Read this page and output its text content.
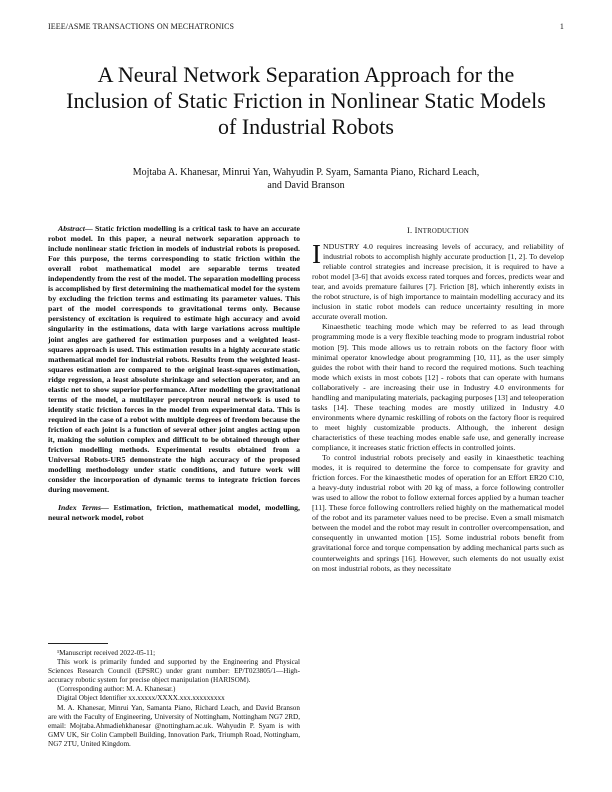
IEEE/ASME TRANSACTIONS ON MECHATRONICS	1
A Neural Network Separation Approach for the Inclusion of Static Friction in Nonlinear Static Models of Industrial Robots
Mojtaba A. Khanesar, Minrui Yan, Wahyudin P. Syam, Samanta Piano, Richard Leach,
and David Branson

Abstract— Static friction modelling is a critical task to have an accurate robot model. In this paper, a neural network separation approach to include nonlinear static friction in models of industrial robots is proposed. For this purpose, the terms corresponding to static friction within the overall robot mathematical model are separable terms treated independently from the rest of the model. The separation modelling process is accomplished by first determining the mathematical model for the system by excluding the friction terms and estimating its parameter values. This part of the model corresponds to gravitational terms only. Because persistency of excitation is required to estimate high accuracy and avoid singularity in the estimations, data with large variations across multiple joint angles are gathered for estimation purposes and a weighted least-squares approach is used. This estimation results in a highly accurate static mathematical model for industrial robots. Results from the weighted least-squares estimation are compared to the original least-squares estimation, ridge regression, a least absolute shrinkage and selection operator, and an elastic net to show superior performance. After modelling the gravitational terms of the model, a multilayer perceptron neural network is used to identify static friction forces in the model from experimental data. This is required in the case of a robot with multiple degrees of freedom because the friction of each joint is a function of several other joint angles acting upon it, making the solution complex and difficult to be obtained through other friction modelling methods. Experimental results obtained from a Universal Robots-UR5 demonstrate the high accuracy of the proposed modelling methodology under static conditions, and future work will consider the incorporation of dynamic terms to integrate friction forces during movement.

Index Terms— Estimation, friction, mathematical model, modelling, neural network model, robot

¹Manuscript received 2022-05-11;

This work is primarily funded and supported by the Engineering and Physical Sciences Research Council (EPSRC) under grant number: EP/T023805/1—High-accuracy robotic system for precise object manipulation (HARISOM).

(Corresponding author: M. A. Khanesar.)

Digital Object Identifier xx.xxxxx/XXXX.xxx.xxxxxxxxx

M. A. Khanesar, Minrui Yan, Samanta Piano, Richard Leach, and David Branson are with the Faculty of Engineering, University of Nottingham, Nottingham NG7 2RD, email: Mojtaba.Ahmadiehkhanesar @nottingham.ac.uk. Wahyudin P. Syam is with GMV UK, Sir Colin Campbell Building, Innovation Park, Triumph Road, Nottingham, NG7 2TU, United Kingdom.

I. INTRODUCTION

INDUSTRY 4.0 requires increasing levels of accuracy, and reliability of industrial robots to accomplish highly accurate production [1, 2]. To develop reliable control strategies and increase precision, it is required to have a robot model [3-6] that avoids excess rated torques and forces, predicts wear and tear, and avoids premature failures [7]. Friction [8], which inherently exists in the robot structure, is of high importance to maintain modelling accuracy and its inclusion in static robot models can reduce uncertainty resulting in more accurate overall motion.

Kinaesthetic teaching mode which may be referred to as lead through programming mode is a very flexible teaching mode to program industrial robot motion [9]. This mode allows us to retrain robots on the factory floor with minimal operator knowledge about programming [10, 11], as the user simply guides the robot with their hand to record the required motions. Such teaching mode which exists in most cobots [12] - robots that can operate with humans collaboratively - are increasing their use in Industry 4.0 environments for handling and manipulating materials, packaging purposes [13] and teleoperation tasks [14]. These teaching modes are mostly utilized in Industry 4.0 environments where dynamic reskilling of robots on the factory floor is required to meet highly customizable products. Although, the inherent design characteristics of these teaching modes enable safe use, and generally increase compliance, it increases static friction effects in controlled joints.

To control industrial robots precisely and easily in kinaesthetic teaching modes, it is required to determine the force to compensate for gravity and friction forces. For the kinaesthetic modes of operation for an Effort ER20 C10, a heavy-duty industrial robot with 20 kg of mass, a force following controller was used to allow the robot to follow external forces applied by a human teacher [11]. These force following controllers relied highly on the mathematical model of the robot and its parameter values need to be precise. Even a small mismatch between the model and the robot may result in controller overcompensation, and consequently in unwanted motion [15]. Some industrial robots benefit from gravitational force and torque compensation by adding mechanical parts such as counterweights and springs [16]. However, such elements do not usually exist on most industrial robots, as they necessitate
